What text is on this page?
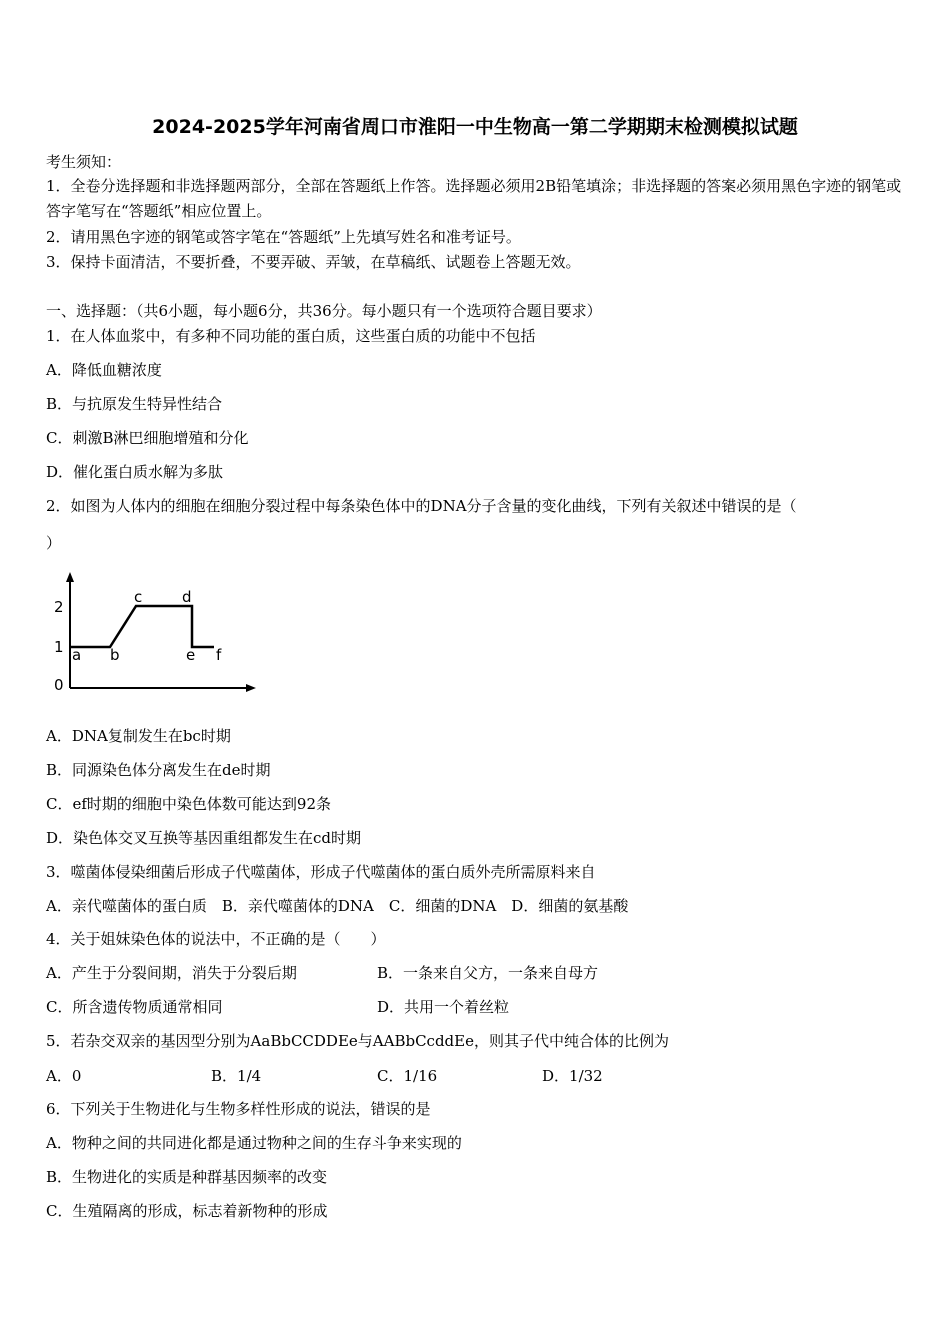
2024-2025学年河南省周口市淮阳一中生物高一第二学期期末检测模拟试题
考生须知：
1．全卷分选择题和非选择题两部分，全部在答题纸上作答。选择题必须用2B铅笔填涂；非选择题的答案必须用黑色字迹的钢笔或答字笔写在“答题纸”相应位置上。
2．请用黑色字迹的钢笔或答字笔在“答题纸”上先填写姓名和准考证号。
3．保持卡面清洁，不要折叠，不要弄破、弄皱，在草稿纸、试题卷上答题无效。
一、选择题：（共6小题，每小题6分，共36分。每小题只有一个选项符合题目要求）
1．在人体血浆中，有多种不同功能的蛋白质，这些蛋白质的功能中不包括
A．降低血糖浓度
B．与抗原发生特异性结合
C．刺激B淋巴细胞增殖和分化
D．催化蛋白质水解为多肽
2．如图为人体内的细胞在细胞分裂过程中每条染色体中的DNA分子含量的变化曲线，下列有关叙述中错误的是（
）
2
1
0
a b
c	d
e f
A．DNA复制发生在bc时期
B．同源染色体分离发生在de时期
C．ef时期的细胞中染色体数可能达到92条
D．染色体交叉互换等基因重组都发生在cd时期
3．噬菌体侵染细菌后形成子代噬菌体，形成子代噬菌体的蛋白质外壳所需原料来自
A．亲代噬菌体的蛋白质　B．亲代噬菌体的DNA　C．细菌的DNA　D．细菌的氨基酸
4．关于姐妹染色体的说法中，不正确的是（　　）
A．产生于分裂间期，消失于分裂后期	B．一条来自父方，一条来自母方
C．所含遗传物质通常相同	D．共用一个着丝粒
5．若杂交双亲的基因型分别为AaBbCCDDEe与AABbCcddEe，则其子代中纯合体的比例为
A．0	B．1/4	C．1/16	D．1/32
6．下列关于生物进化与生物多样性形成的说法，错误的是
A．物种之间的共同进化都是通过物种之间的生存斗争来实现的
B．生物进化的实质是种群基因频率的改变
C．生殖隔离的形成，标志着新物种的形成
